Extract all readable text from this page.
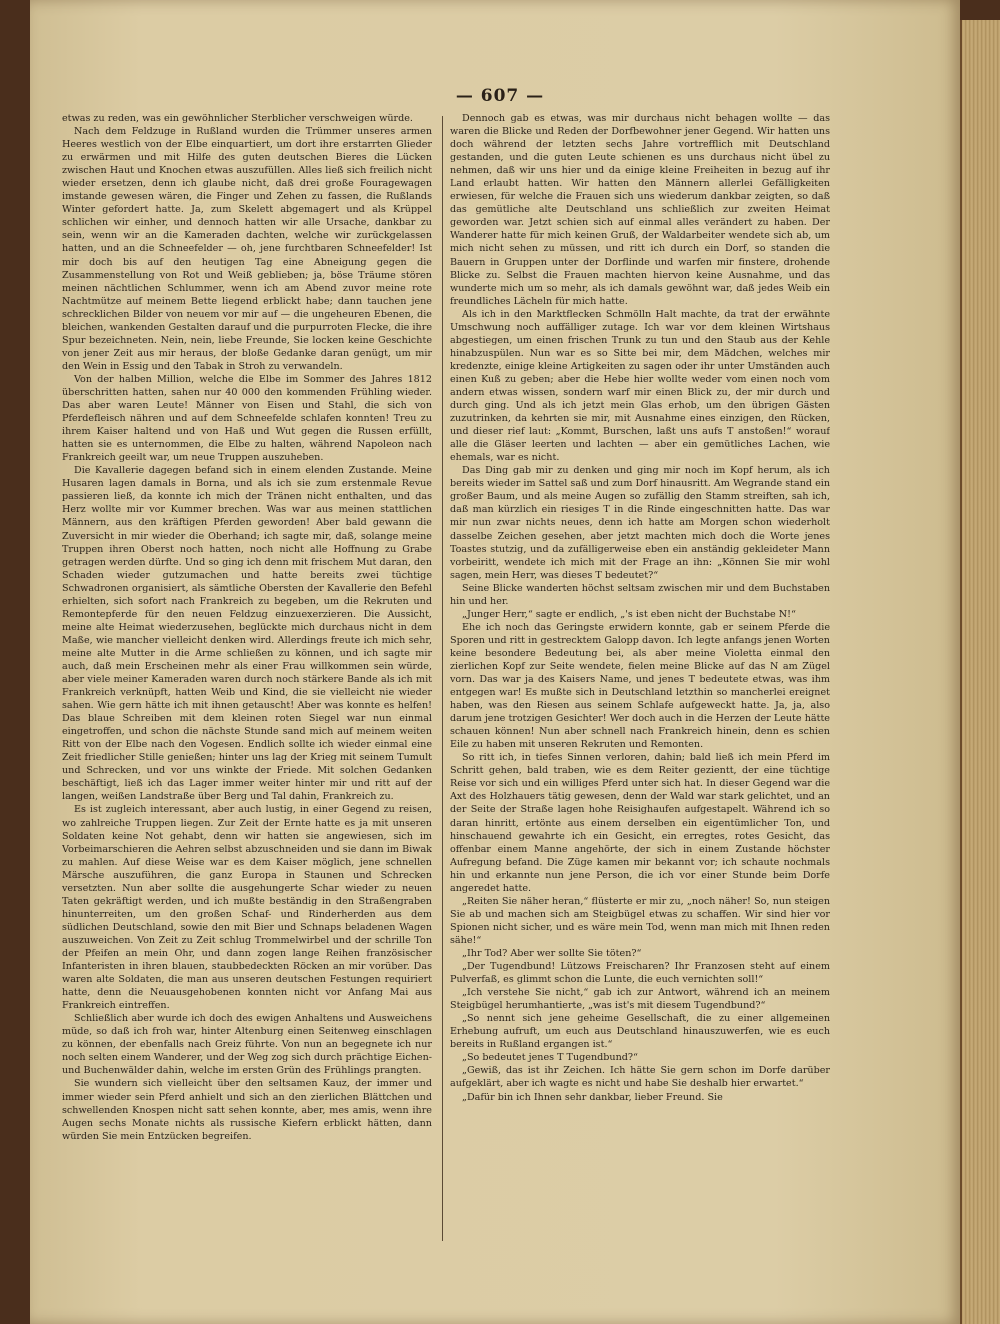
— 607 —

etwas zu reden, was ein gewöhnlicher Sterblicher verschweigen würde.

Nach dem Feldzuge in Rußland wurden die Trümmer unseres armen Heeres westlich von der Elbe einquartiert, um dort ihre erstarrten Glieder zu erwärmen und mit Hilfe des guten deutschen Bieres die Lücken zwischen Haut und Knochen etwas auszufüllen. Alles ließ sich freilich nicht wieder ersetzen, denn ich glaube nicht, daß drei große Fouragewagen imstande gewesen wären, die Finger und Zehen zu fassen, die Rußlands Winter gefordert hatte. Ja, zum Skelett abgemagert und als Krüppel schlichen wir einher, und dennoch hatten wir alle Ursache, dankbar zu sein, wenn wir an die Kameraden dachten, welche wir zurückgelassen hatten, und an die Schneefelder — oh, jene furchtbaren Schneefelder! Ist mir doch bis auf den heutigen Tag eine Abneigung gegen die Zusammenstellung von Rot und Weiß geblieben; ja, böse Träume stören meinen nächtlichen Schlummer, wenn ich am Abend zuvor meine rote Nachtmütze auf meinem Bette liegend erblickt habe; dann tauchen jene schrecklichen Bilder von neuem vor mir auf — die ungeheuren Ebenen, die bleichen, wankenden Gestalten darauf und die purpurroten Flecke, die ihre Spur bezeichneten. Nein, nein, liebe Freunde, Sie locken keine Geschichte von jener Zeit aus mir heraus, der bloße Gedanke daran genügt, um mir den Wein in Essig und den Tabak in Stroh zu verwandeln.

Von der halben Million, welche die Elbe im Sommer des Jahres 1812 überschritten hatten, sahen nur 40 000 den kommenden Frühling wieder. Das aber waren Leute! Männer von Eisen und Stahl, die sich von Pferdefleisch nähren und auf dem Schneefelde schlafen konnten! Treu zu ihrem Kaiser haltend und von Haß und Wut gegen die Russen erfüllt, hatten sie es unternommen, die Elbe zu halten, während Napoleon nach Frankreich geeilt war, um neue Truppen auszuheben.

Die Kavallerie dagegen befand sich in einem elenden Zustande. Meine Husaren lagen damals in Borna, und als ich sie zum erstenmale Revue passieren ließ, da konnte ich mich der Tränen nicht enthalten, und das Herz wollte mir vor Kummer brechen. Was war aus meinen stattlichen Männern, aus den kräftigen Pferden geworden! Aber bald gewann die Zuversicht in mir wieder die Oberhand; ich sagte mir, daß, solange meine Truppen ihren Oberst noch hatten, noch nicht alle Hoffnung zu Grabe getragen werden dürfte. Und so ging ich denn mit frischem Mut daran, den Schaden wieder gutzumachen und hatte bereits zwei tüchtige Schwadronen organisiert, als sämtliche Obersten der Kavallerie den Befehl erhielten, sich sofort nach Frankreich zu begeben, um die Rekruten und Remontepferde für den neuen Feldzug einzuexerzieren. Die Aussicht, meine alte Heimat wiederzusehen, beglückte mich durchaus nicht in dem Maße, wie mancher vielleicht denken wird. Allerdings freute ich mich sehr, meine alte Mutter in die Arme schließen zu können, und ich sagte mir auch, daß mein Erscheinen mehr als einer Frau willkommen sein würde, aber viele meiner Kameraden waren durch noch stärkere Bande als ich mit Frankreich verknüpft, hatten Weib und Kind, die sie vielleicht nie wieder sahen. Wie gern hätte ich mit ihnen getauscht! Aber was konnte es helfen! Das blaue Schreiben mit dem kleinen roten Siegel war nun einmal eingetroffen, und schon die nächste Stunde sand mich auf meinem weiten Ritt von der Elbe nach den Vogesen. Endlich sollte ich wieder einmal eine Zeit friedlicher Stille genießen; hinter uns lag der Krieg mit seinem Tumult und Schrecken, und vor uns winkte der Friede. Mit solchen Gedanken beschäftigt, ließ ich das Lager immer weiter hinter mir und ritt auf der langen, weißen Landstraße über Berg und Tal dahin, Frankreich zu.

Es ist zugleich interessant, aber auch lustig, in einer Gegend zu reisen, wo zahlreiche Truppen liegen. Zur Zeit der Ernte hatte es ja mit unseren Soldaten keine Not gehabt, denn wir hatten sie angewiesen, sich im Vorbeimarschieren die Aehren selbst abzuschneiden und sie dann im Biwak zu mahlen. Auf diese Weise war es dem Kaiser möglich, jene schnellen Märsche auszuführen, die ganz Europa in Staunen und Schrecken versetzten. Nun aber sollte die ausgehungerte Schar wieder zu neuen Taten gekräftigt werden, und ich mußte beständig in den Straßengraben hinunterreiten, um den großen Schaf- und Rinderherden aus dem südlichen Deutschland, sowie den mit Bier und Schnaps beladenen Wagen auszuweichen. Von Zeit zu Zeit schlug Trommelwirbel und der schrille Ton der Pfeifen an mein Ohr, und dann zogen lange Reihen französischer Infanteristen in ihren blauen, staubbedeckten Röcken an mir vorüber. Das waren alte Soldaten, die man aus unseren deutschen Festungen requiriert hatte, denn die Neuausgehobenen konnten nicht vor Anfang Mai aus Frankreich eintreffen.

Schließlich aber wurde ich doch des ewigen Anhaltens und Ausweichens müde, so daß ich froh war, hinter Altenburg einen Seitenweg einschlagen zu können, der ebenfalls nach Greiz führte. Von nun an begegnete ich nur noch selten einem Wanderer, und der Weg zog sich durch prächtige Eichen- und Buchenwälder dahin, welche im ersten Grün des Frühlings prangten.

Sie wundern sich vielleicht über den seltsamen Kauz, der immer und immer wieder sein Pferd anhielt und sich an den zierlichen Blättchen und schwellenden Knospen nicht satt sehen konnte, aber, mes amis, wenn ihre Augen sechs Monate nichts als russische Kiefern erblickt hätten, dann würden Sie mein Entzücken begreifen.

Dennoch gab es etwas, was mir durchaus nicht behagen wollte — das waren die Blicke und Reden der Dorfbewohner jener Gegend. Wir hatten uns doch während der letzten sechs Jahre vortrefflich mit Deutschland gestanden, und die guten Leute schienen es uns durchaus nicht übel zu nehmen, daß wir uns hier und da einige kleine Freiheiten in bezug auf ihr Land erlaubt hatten. Wir hatten den Männern allerlei Gefälligkeiten erwiesen, für welche die Frauen sich uns wiederum dankbar zeigten, so daß das gemütliche alte Deutschland uns schließlich zur zweiten Heimat geworden war. Jetzt schien sich auf einmal alles verändert zu haben. Der Wanderer hatte für mich keinen Gruß, der Waldarbeiter wendete sich ab, um mich nicht sehen zu müssen, und ritt ich durch ein Dorf, so standen die Bauern in Gruppen unter der Dorflinde und warfen mir finstere, drohende Blicke zu. Selbst die Frauen machten hiervon keine Ausnahme, und das wunderte mich um so mehr, als ich damals gewöhnt war, daß jedes Weib ein freundliches Lächeln für mich hatte.

Als ich in den Marktflecken Schmölln Halt machte, da trat der erwähnte Umschwung noch auffälliger zutage. Ich war vor dem kleinen Wirtshaus abgestiegen, um einen frischen Trunk zu tun und den Staub aus der Kehle hinabzuspülen. Nun war es so Sitte bei mir, dem Mädchen, welches mir kredenzte, einige kleine Artigkeiten zu sagen oder ihr unter Umständen auch einen Kuß zu geben; aber die Hebe hier wollte weder vom einen noch vom andern etwas wissen, sondern warf mir einen Blick zu, der mir durch und durch ging. Und als ich jetzt mein Glas erhob, um den übrigen Gästen zuzutrinken, da kehrten sie mir, mit Ausnahme eines einzigen, den Rücken, und dieser rief laut: „Kommt, Burschen, laßt uns aufs T anstoßen!“ worauf alle die Gläser leerten und lachten — aber ein gemütliches Lachen, wie ehemals, war es nicht.

Das Ding gab mir zu denken und ging mir noch im Kopf herum, als ich bereits wieder im Sattel saß und zum Dorf hinausritt. Am Wegrande stand ein großer Baum, und als meine Augen so zufällig den Stamm streiften, sah ich, daß man kürzlich ein riesiges T in die Rinde eingeschnitten hatte. Das war mir nun zwar nichts neues, denn ich hatte am Morgen schon wiederholt dasselbe Zeichen gesehen, aber jetzt machten mich doch die Worte jenes Toastes stutzig, und da zufälligerweise eben ein anständig gekleideter Mann vorbeiritt, wendete ich mich mit der Frage an ihn: „Können Sie mir wohl sagen, mein Herr, was dieses T bedeutet?“

Seine Blicke wanderten höchst seltsam zwischen mir und dem Buchstaben hin und her.

„Junger Herr,“ sagte er endlich, „'s ist eben nicht der Buchstabe N!“

Ehe ich noch das Geringste erwidern konnte, gab er seinem Pferde die Sporen und ritt in gestrecktem Galopp davon. Ich legte anfangs jenen Worten keine besondere Bedeutung bei, als aber meine Violetta einmal den zierlichen Kopf zur Seite wendete, fielen meine Blicke auf das N am Zügel vorn. Das war ja des Kaisers Name, und jenes T bedeutete etwas, was ihm entgegen war! Es mußte sich in Deutschland letzthin so mancherlei ereignet haben, was den Riesen aus seinem Schlafe aufgeweckt hatte. Ja, ja, also darum jene trotzigen Gesichter! Wer doch auch in die Herzen der Leute hätte schauen können! Nun aber schnell nach Frankreich hinein, denn es schien Eile zu haben mit unseren Rekruten und Remonten.

So ritt ich, in tiefes Sinnen verloren, dahin; bald ließ ich mein Pferd im Schritt gehen, bald traben, wie es dem Reiter gezientt, der eine tüchtige Reise vor sich und ein williges Pferd unter sich hat. In dieser Gegend war die Axt des Holzhauers tätig gewesen, denn der Wald war stark gelichtet, und an der Seite der Straße lagen hohe Reisighaufen aufgestapelt. Während ich so daran hinritt, ertönte aus einem derselben ein eigentümlicher Ton, und hinschauend gewahrte ich ein Gesicht, ein erregtes, rotes Gesicht, das offenbar einem Manne angehörte, der sich in einem Zustande höchster Aufregung befand. Die Züge kamen mir bekannt vor; ich schaute nochmals hin und erkannte nun jene Person, die ich vor einer Stunde beim Dorfe angeredet hatte.

„Reiten Sie näher heran,“ flüsterte er mir zu, „noch näher! So, nun steigen Sie ab und machen sich am Steigbügel etwas zu schaffen. Wir sind hier vor Spionen nicht sicher, und es wäre mein Tod, wenn man mich mit Ihnen reden sähe!“

„Ihr Tod? Aber wer sollte Sie töten?“

„Der Tugendbund! Lützows Freischaren? Ihr Franzosen steht auf einem Pulverfaß, es glimmt schon die Lunte, die euch vernichten soll!“

„Ich verstehe Sie nicht,“ gab ich zur Antwort, während ich an meinem Steigbügel herumhantierte, „was ist's mit diesem Tugendbund?“

„So nennt sich jene geheime Gesellschaft, die zu einer allgemeinen Erhebung aufruft, um euch aus Deutschland hinauszuwerfen, wie es euch bereits in Rußland ergangen ist.“

„So bedeutet jenes T Tugendbund?“

„Gewiß, das ist ihr Zeichen. Ich hätte Sie gern schon im Dorfe darüber aufgeklärt, aber ich wagte es nicht und habe Sie deshalb hier erwartet.“

„Dafür bin ich Ihnen sehr dankbar, lieber Freund. Sie
